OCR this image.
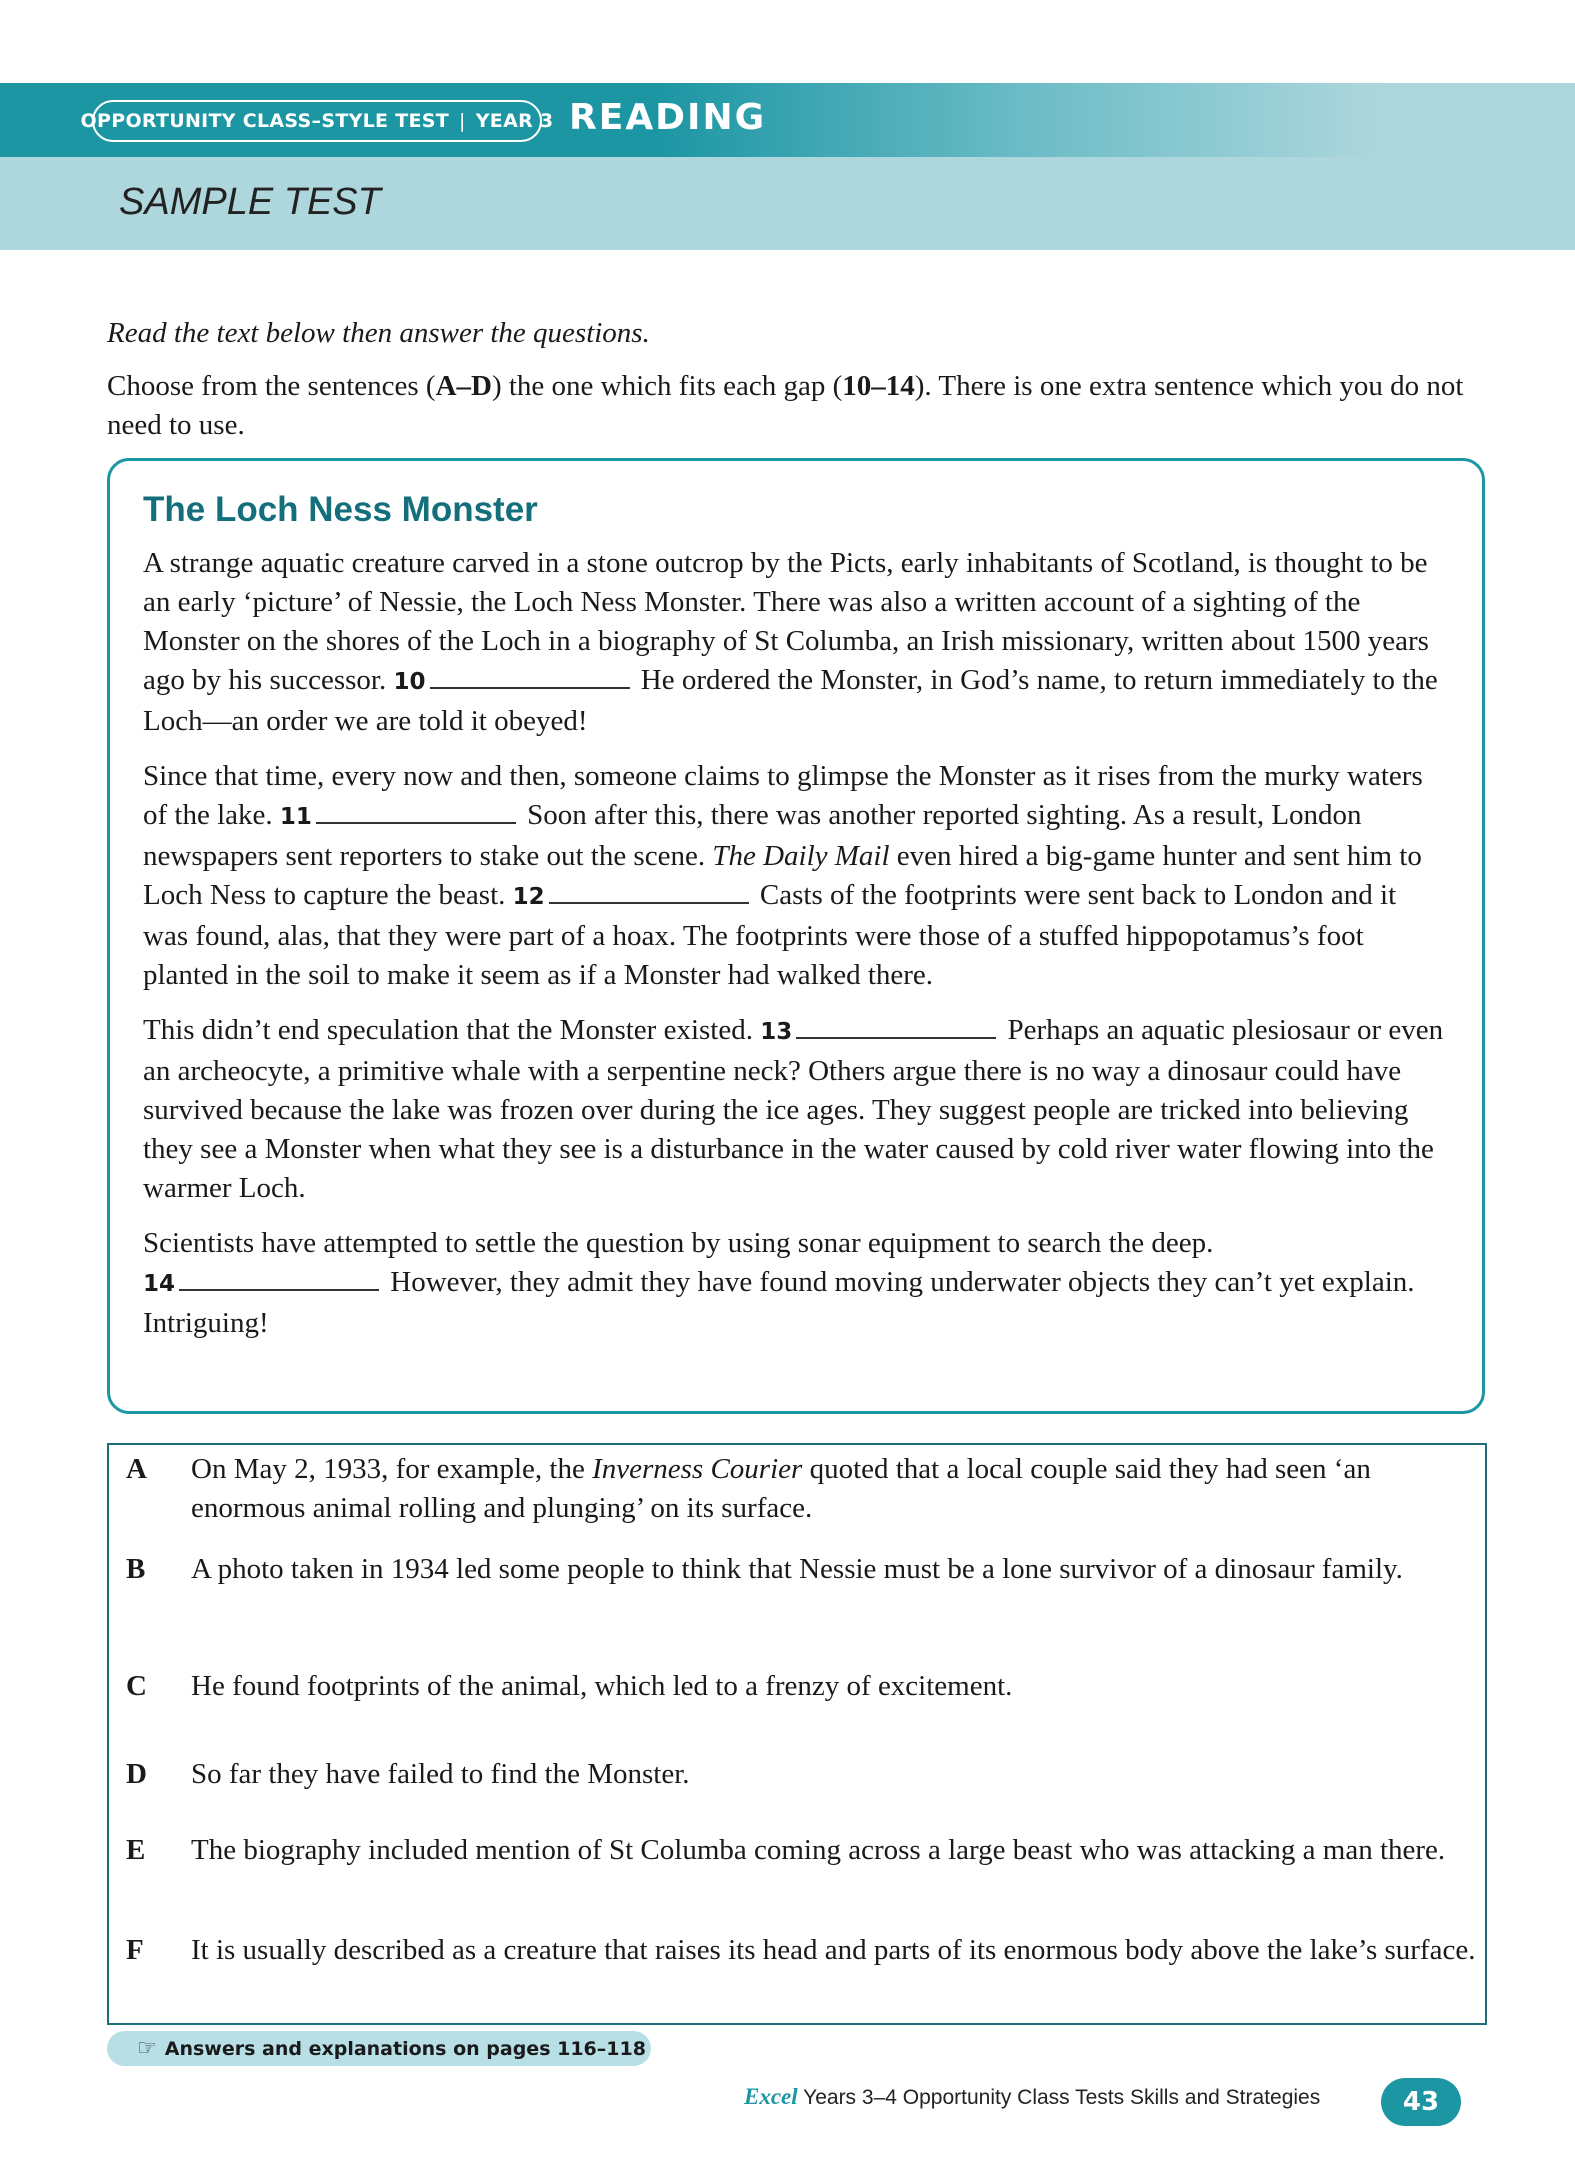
OPPORTUNITY CLASS–STYLE TEST | YEAR 3 READING
SAMPLE TEST
Read the text below then answer the questions.
Choose from the sentences (A–D) the one which fits each gap (10–14). There is one extra sentence which you do not need to use.
The Loch Ness Monster

A strange aquatic creature carved in a stone outcrop by the Picts, early inhabitants of Scotland, is thought to be an early ‘picture’ of Nessie, the Loch Ness Monster. There was also a written account of a sighting of the Monster on the shores of the Loch in a biography of St Columba, an Irish missionary, written about 1500 years ago by his successor. 10	He ordered the Monster, in God’s name, to return immediately to the Loch—an order we are told it obeyed!

Since that time, every now and then, someone claims to glimpse the Monster as it rises from the murky waters of the lake. 11	Soon after this, there was another reported sighting. As a result, London newspapers sent reporters to stake out the scene. The Daily Mail even hired a big-game hunter and sent him to Loch Ness to capture the beast. 12	Casts of the footprints were sent back to London and it was found, alas, that they were part of a hoax. The footprints were those of a stuffed hippopotamus’s foot planted in the soil to make it seem as if a Monster had walked there.

This didn’t end speculation that the Monster existed. 13	Perhaps an aquatic plesiosaur or even an archeocyte, a primitive whale with a serpentine neck? Others argue there is no way a dinosaur could have survived because the lake was frozen over during the ice ages. They suggest people are tricked into believing they see a Monster when what they see is a disturbance in the water caused by cold river water flowing into the warmer Loch.

Scientists have attempted to settle the question by using sonar equipment to search the deep.
14	However, they admit they have found moving underwater objects they can’t yet explain. Intriguing!

A On May 2, 1933, for example, the Inverness Courier quoted that a local couple said they had seen ‘an enormous animal rolling and plunging’ on its surface.
B A photo taken in 1934 led some people to think that Nessie must be a lone survivor of a dinosaur family.
C He found footprints of the animal, which led to a frenzy of excitement.
D So far they have failed to find the Monster.
E The biography included mention of St Columba coming across a large beast who was attacking a man there.
F It is usually described as a creature that raises its head and parts of its enormous body above the lake’s surface.
☞ Answers and explanations on pages 116–118
Excel Years 3–4 Opportunity Class Tests Skills and Strategies	43
